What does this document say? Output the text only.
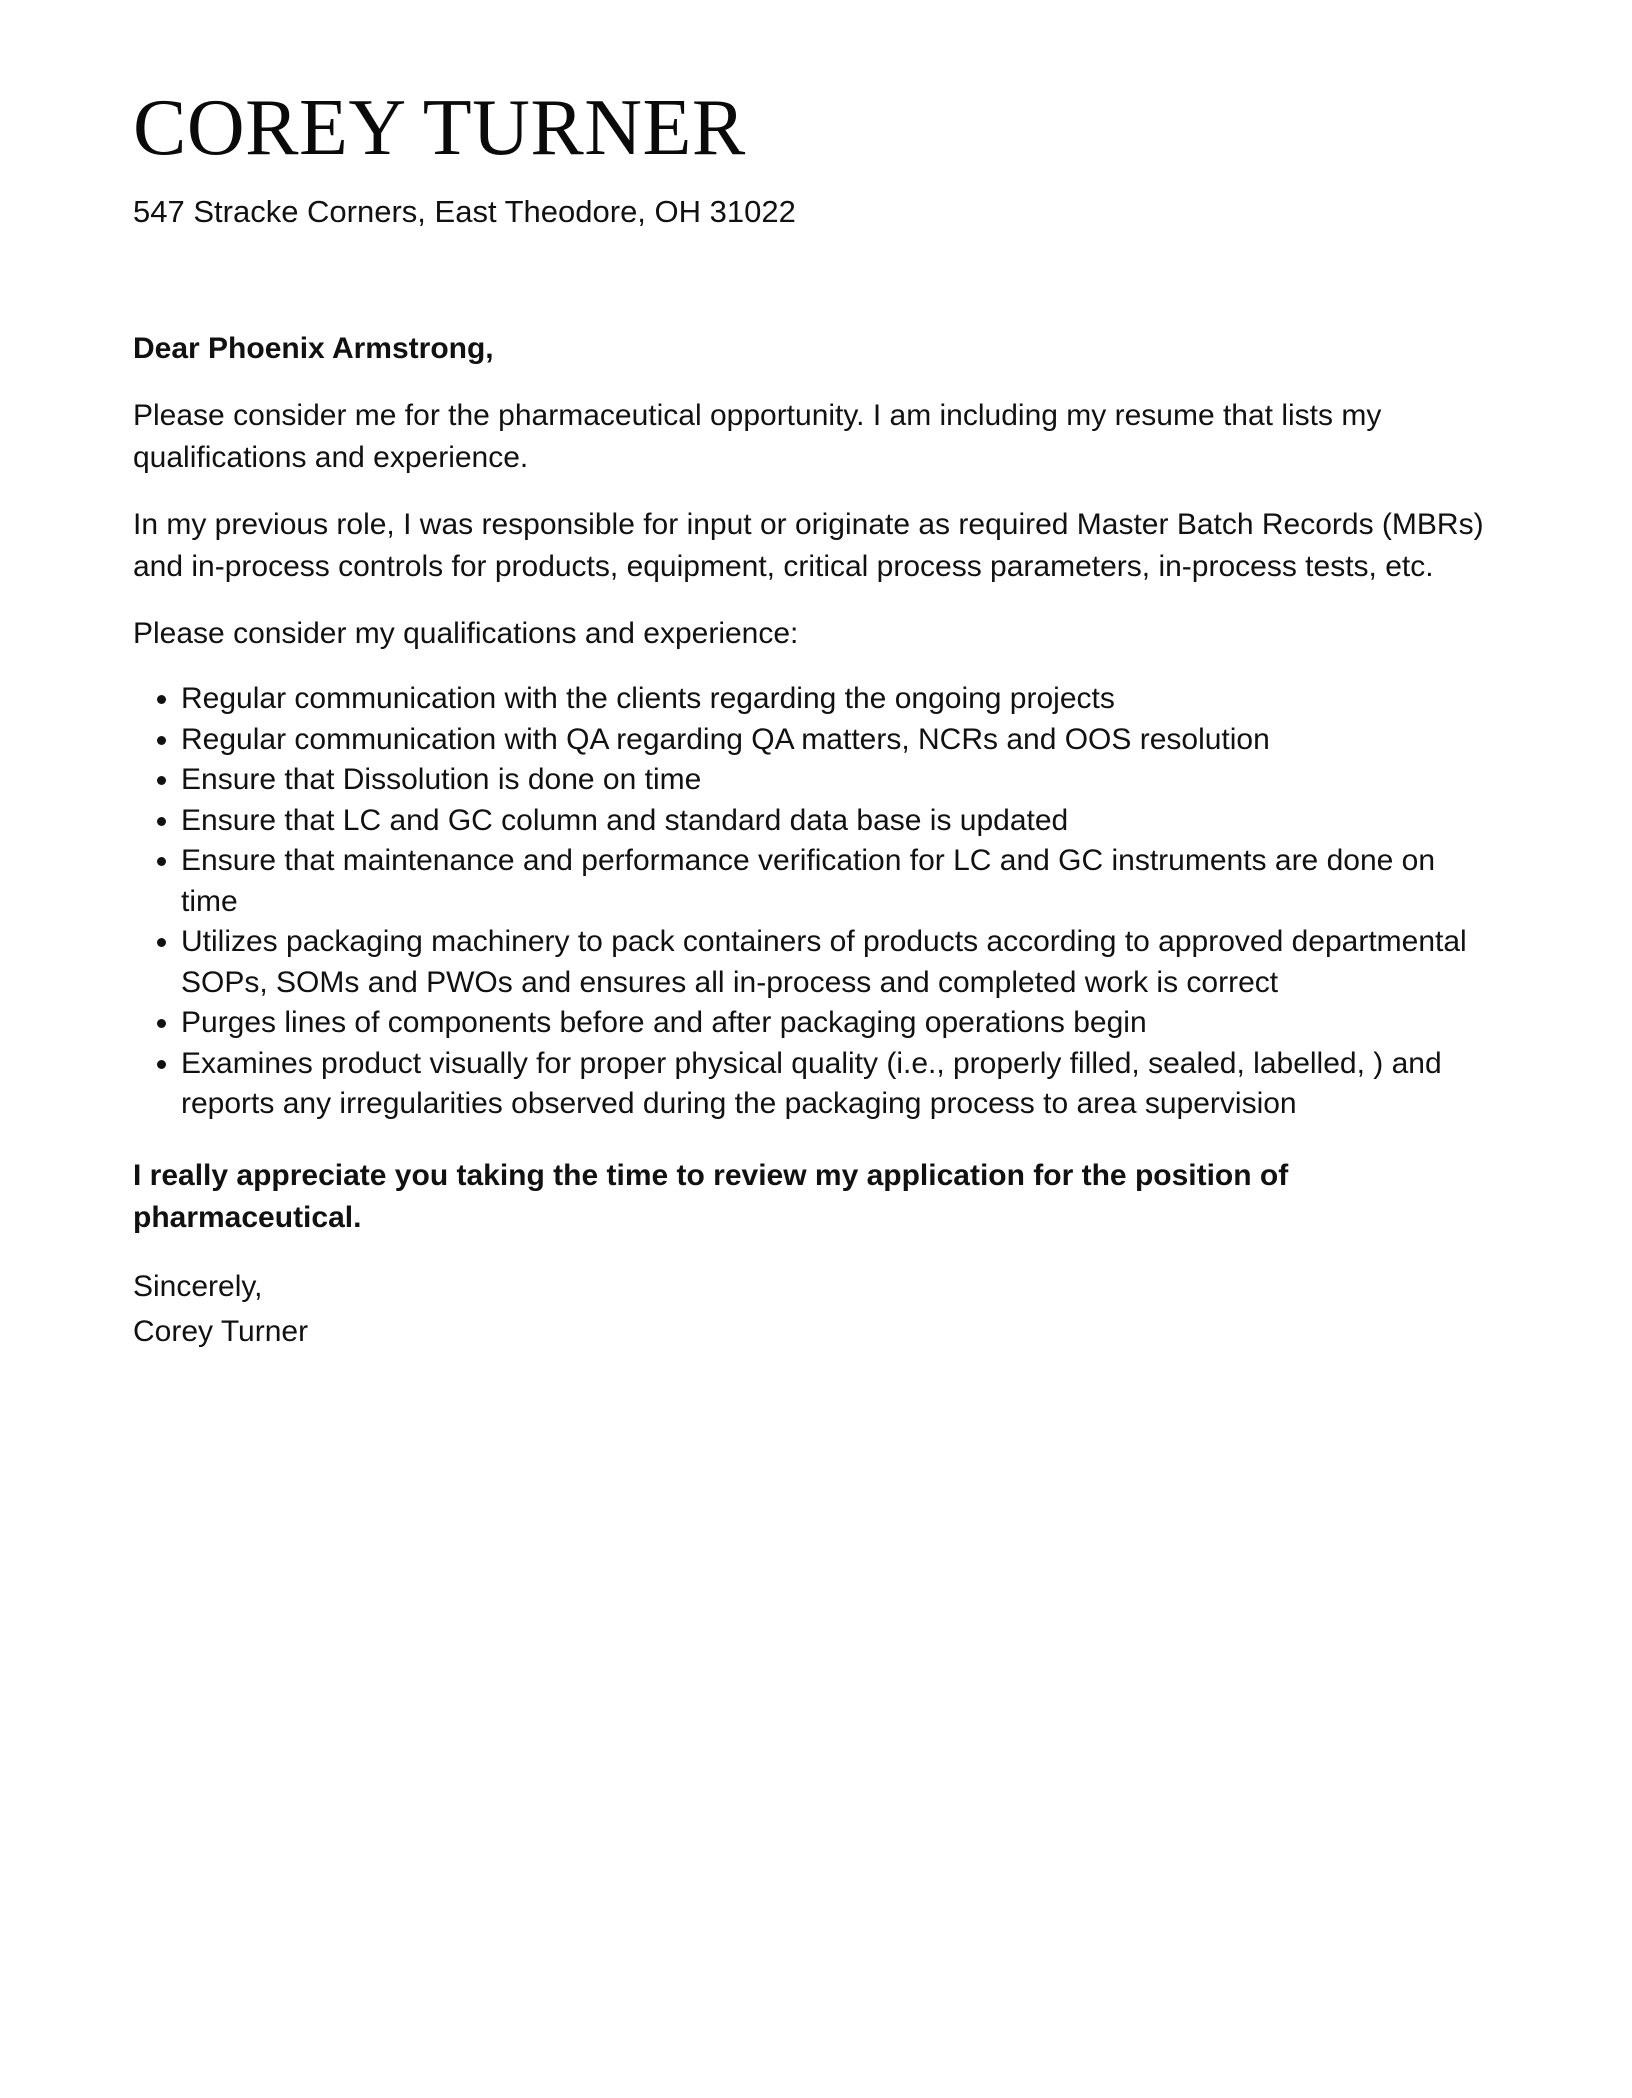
COREY TURNER

547 Stracke Corners, East Theodore, OH 31022

Dear Phoenix Armstrong,

Please consider me for the pharmaceutical opportunity. I am including my resume that lists my qualifications and experience.

In my previous role, I was responsible for input or originate as required Master Batch Records (MBRs) and in-process controls for products, equipment, critical process parameters, in-process tests, etc.

Please consider my qualifications and experience:

• Regular communication with the clients regarding the ongoing projects
• Regular communication with QA regarding QA matters, NCRs and OOS resolution
• Ensure that Dissolution is done on time
• Ensure that LC and GC column and standard data base is updated
• Ensure that maintenance and performance verification for LC and GC instruments are done on time
• Utilizes packaging machinery to pack containers of products according to approved departmental SOPs, SOMs and PWOs and ensures all in-process and completed work is correct
• Purges lines of components before and after packaging operations begin
• Examines product visually for proper physical quality (i.e., properly filled, sealed, labelled, ) and reports any irregularities observed during the packaging process to area supervision

I really appreciate you taking the time to review my application for the position of pharmaceutical.

Sincerely,
Corey Turner
